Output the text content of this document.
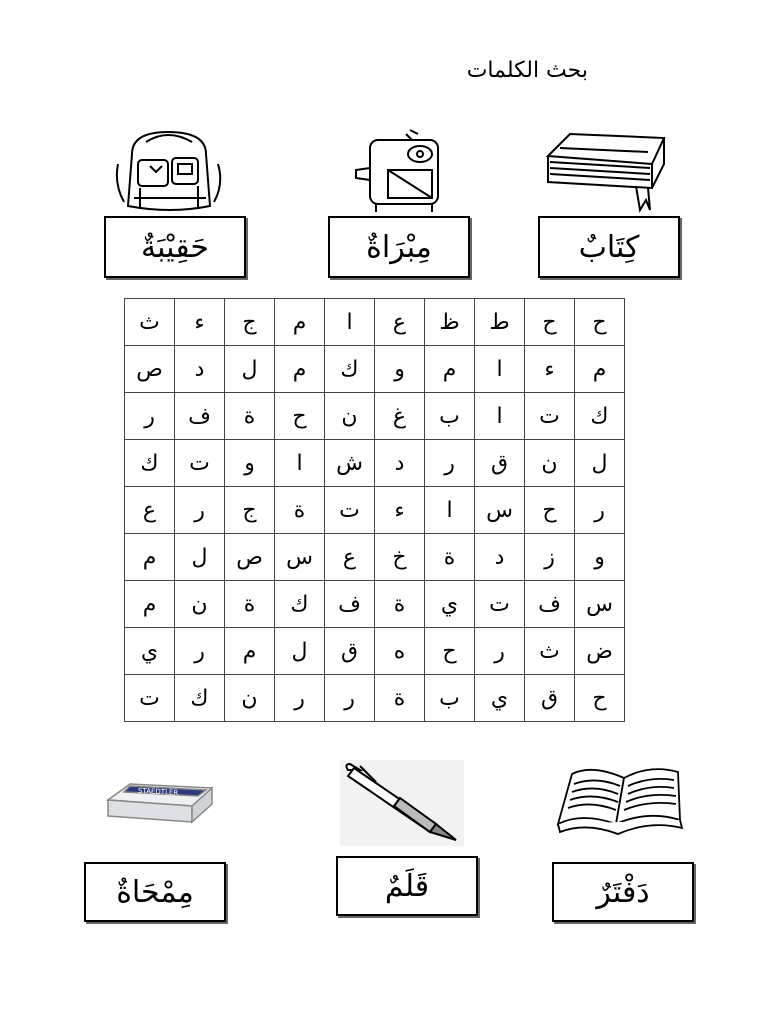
بحث الكلمات
حَقِيْبَةٌ	مِبْرَاةٌ	كِتَابٌ
ح	ح	ط	ظ	ع	ا	م	ج	ء	ث
م	ء	ا	م	و	ك	م	ل	د	ص
ك	ت	ا	ب	غ	ن	ح	ة	ف	ر
ل	ن	ق	ر	د	ش	ا	و	ت	ك
ر	ح	س	ا	ء	ت	ة	ج	ر	ع
و	ز	د	ة	خ	ع	س	ص	ل	م
س	ف	ت	ي	ة	ف	ك	ة	ن	م
ض	ث	ر	ح	ه	ق	ل	م	ر	ي
ح	ق	ي	ب	ة	ر	ر	ن	ك	ت
STAEDTLER
مِمْحَاةٌ	قَلَمٌ	دَفْتَرٌ
